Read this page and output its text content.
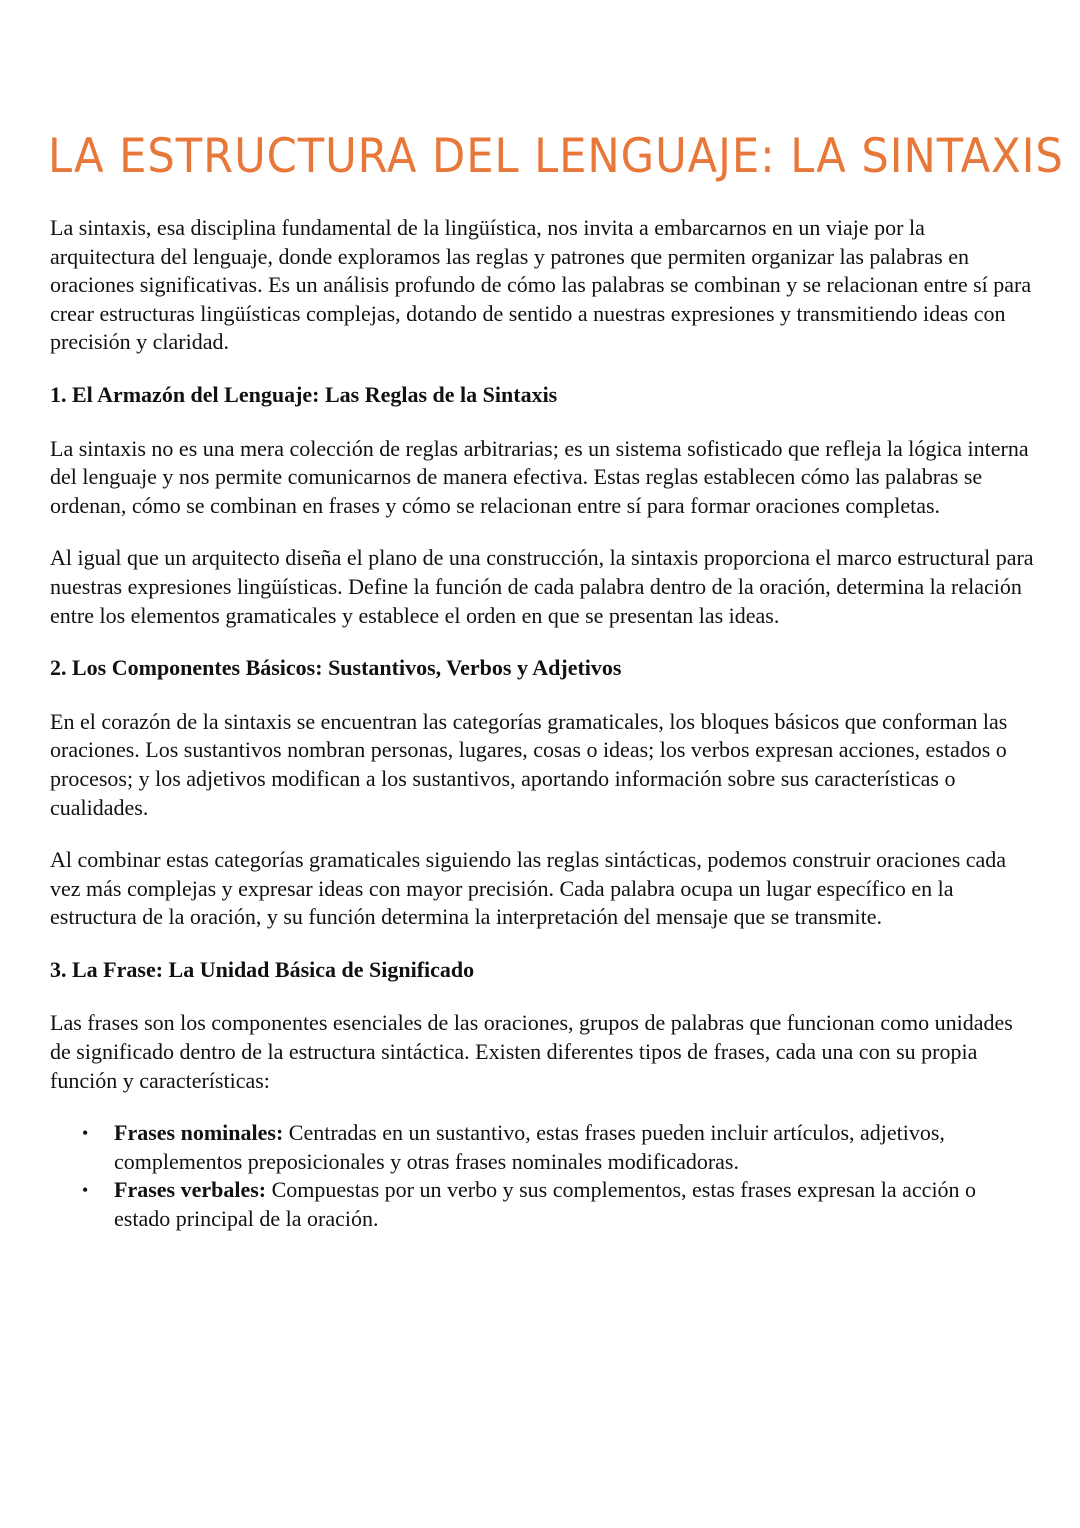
LA ESTRUCTURA DEL LENGUAJE: LA SINTAXIS

La sintaxis, esa disciplina fundamental de la lingüística, nos invita a embarcarnos en un viaje por la arquitectura del lenguaje, donde exploramos las reglas y patrones que permiten organizar las palabras en oraciones significativas. Es un análisis profundo de cómo las palabras se combinan y se relacionan entre sí para crear estructuras lingüísticas complejas, dotando de sentido a nuestras expresiones y transmitiendo ideas con precisión y claridad.

1. El Armazón del Lenguaje: Las Reglas de la Sintaxis

La sintaxis no es una mera colección de reglas arbitrarias; es un sistema sofisticado que refleja la lógica interna del lenguaje y nos permite comunicarnos de manera efectiva. Estas reglas establecen cómo las palabras se ordenan, cómo se combinan en frases y cómo se relacionan entre sí para formar oraciones completas.

Al igual que un arquitecto diseña el plano de una construcción, la sintaxis proporciona el marco estructural para nuestras expresiones lingüísticas. Define la función de cada palabra dentro de la oración, determina la relación entre los elementos gramaticales y establece el orden en que se presentan las ideas.

2. Los Componentes Básicos: Sustantivos, Verbos y Adjetivos

En el corazón de la sintaxis se encuentran las categorías gramaticales, los bloques básicos que conforman las oraciones. Los sustantivos nombran personas, lugares, cosas o ideas; los verbos expresan acciones, estados o procesos; y los adjetivos modifican a los sustantivos, aportando información sobre sus características o cualidades.

Al combinar estas categorías gramaticales siguiendo las reglas sintácticas, podemos construir oraciones cada vez más complejas y expresar ideas con mayor precisión. Cada palabra ocupa un lugar específico en la estructura de la oración, y su función determina la interpretación del mensaje que se transmite.

3. La Frase: La Unidad Básica de Significado

Las frases son los componentes esenciales de las oraciones, grupos de palabras que funcionan como unidades de significado dentro de la estructura sintáctica. Existen diferentes tipos de frases, cada una con su propia función y características:

• Frases nominales: Centradas en un sustantivo, estas frases pueden incluir artículos, adjetivos, complementos preposicionales y otras frases nominales modificadoras.
• Frases verbales: Compuestas por un verbo y sus complementos, estas frases expresan la acción o estado principal de la oración.
